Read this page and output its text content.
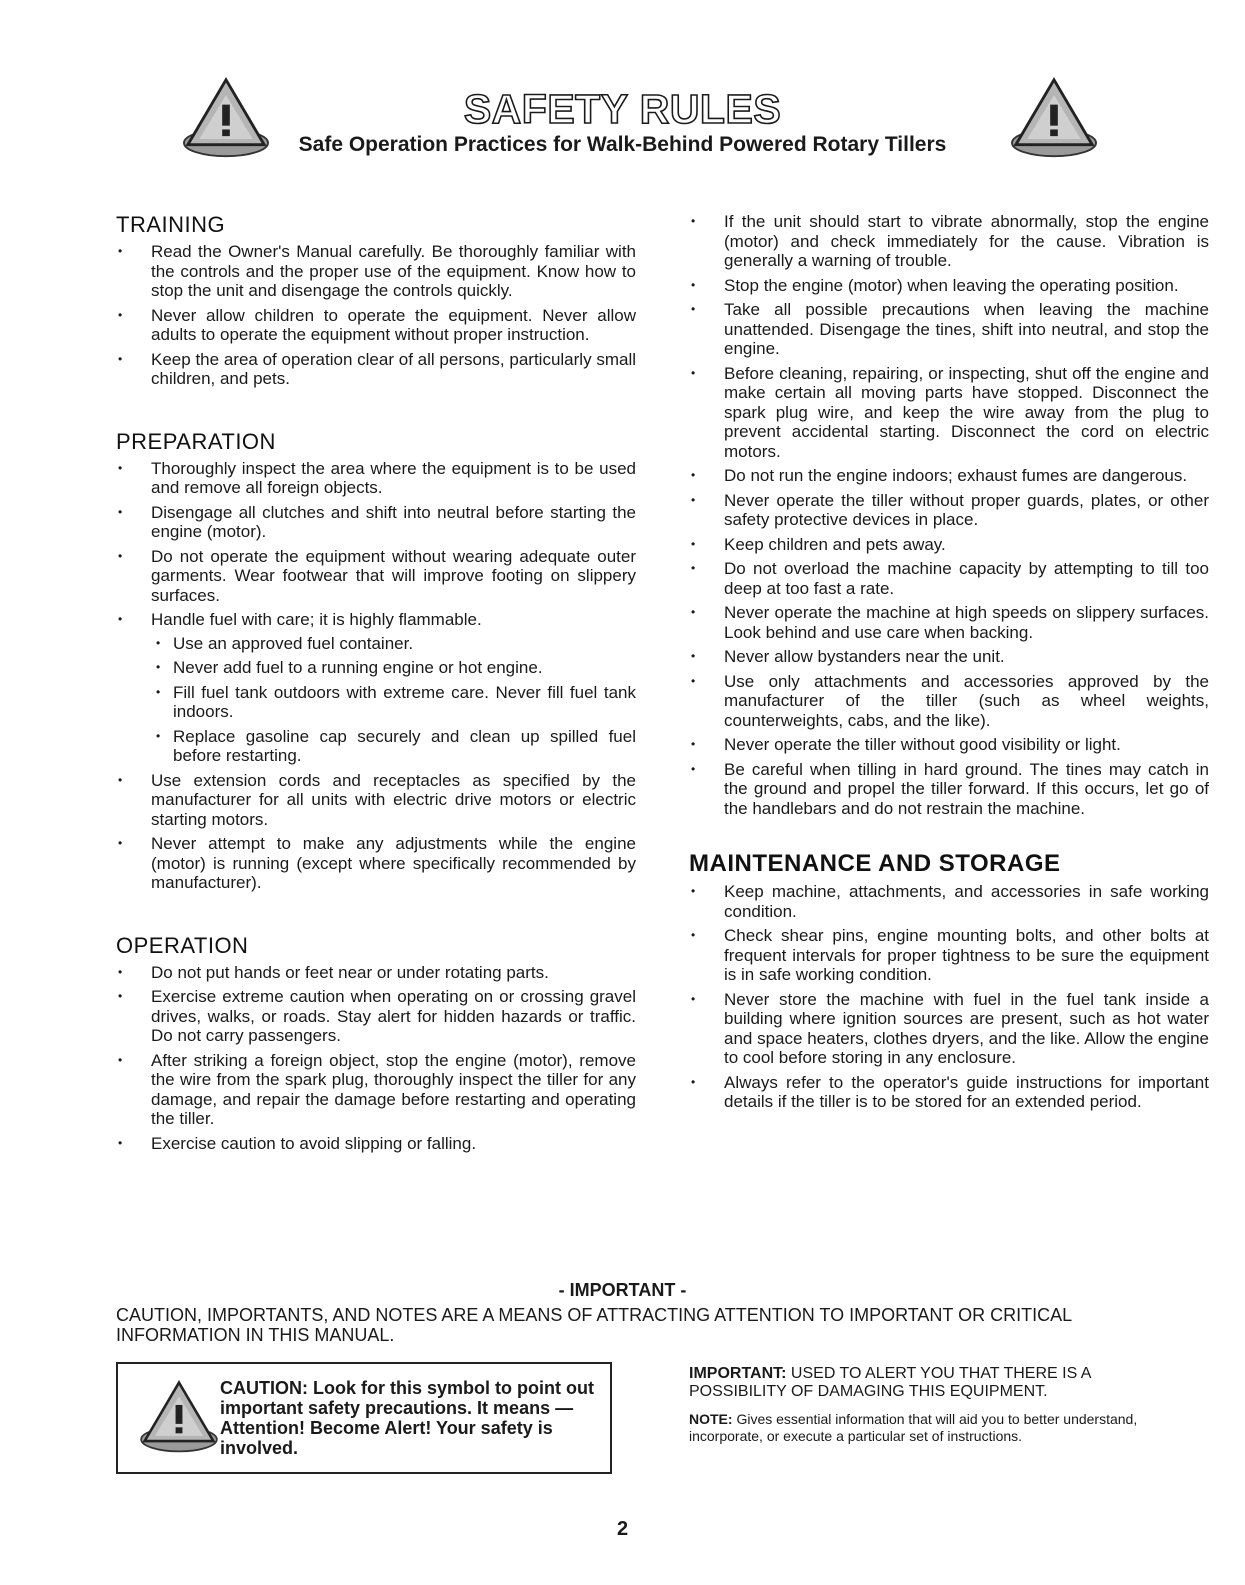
SAFETY RULES
Safe Operation Practices for Walk-Behind Powered Rotary Tillers
TRAINING
• Read the Owner's Manual carefully. Be thoroughly familiar with the controls and the proper use of the equipment. Know how to stop the unit and disengage the controls quickly.
• Never allow children to operate the equipment. Never allow adults to operate the equipment without proper instruction.
• Keep the area of operation clear of all persons, particularly small children, and pets.
PREPARATION
• Thoroughly inspect the area where the equipment is to be used and remove all foreign objects.
• Disengage all clutches and shift into neutral before starting the engine (motor).
• Do not operate the equipment without wearing adequate outer garments. Wear footwear that will improve footing on slippery surfaces.
• Handle fuel with care; it is highly flammable.
• Use an approved fuel container.
• Never add fuel to a running engine or hot engine.
• Fill fuel tank outdoors with extreme care. Never fill fuel tank indoors.
• Replace gasoline cap securely and clean up spilled fuel before restarting.
• Use extension cords and receptacles as specified by the manufacturer for all units with electric drive motors or electric starting motors.
• Never attempt to make any adjustments while the engine (motor) is running (except where specifically recommended by manufacturer).
OPERATION
• Do not put hands or feet near or under rotating parts.
• Exercise extreme caution when operating on or crossing gravel drives, walks, or roads. Stay alert for hidden hazards or traffic. Do not carry passengers.
• After striking a foreign object, stop the engine (motor), remove the wire from the spark plug, thoroughly inspect the tiller for any damage, and repair the damage before restarting and operating the tiller.
• Exercise caution to avoid slipping or falling.
• If the unit should start to vibrate abnormally, stop the engine (motor) and check immediately for the cause. Vibration is generally a warning of trouble.
• Stop the engine (motor) when leaving the operating position.
• Take all possible precautions when leaving the machine unattended. Disengage the tines, shift into neutral, and stop the engine.
• Before cleaning, repairing, or inspecting, shut off the engine and make certain all moving parts have stopped. Disconnect the spark plug wire, and keep the wire away from the plug to prevent accidental starting. Disconnect the cord on electric motors.
• Do not run the engine indoors; exhaust fumes are dangerous.
• Never operate the tiller without proper guards, plates, or other safety protective devices in place.
• Keep children and pets away.
• Do not overload the machine capacity by attempting to till too deep at too fast a rate.
• Never operate the machine at high speeds on slippery surfaces. Look behind and use care when backing.
• Never allow bystanders near the unit.
• Use only attachments and accessories approved by the manufacturer of the tiller (such as wheel weights, counterweights, cabs, and the like).
• Never operate the tiller without good visibility or light.
• Be careful when tilling in hard ground. The tines may catch in the ground and propel the tiller forward. If this occurs, let go of the handlebars and do not restrain the machine.
MAINTENANCE AND STORAGE
• Keep machine, attachments, and accessories in safe working condition.
• Check shear pins, engine mounting bolts, and other bolts at frequent intervals for proper tightness to be sure the equipment is in safe working condition.
• Never store the machine with fuel in the fuel tank inside a building where ignition sources are present, such as hot water and space heaters, clothes dryers, and the like. Allow the engine to cool before storing in any enclosure.
• Always refer to the operator's guide instructions for important details if the tiller is to be stored for an extended period.
- IMPORTANT -
CAUTION, IMPORTANTS, AND NOTES ARE A MEANS OF ATTRACTING ATTENTION TO IMPORTANT OR CRITICAL INFORMATION IN THIS MANUAL.
CAUTION: Look for this symbol to point out important safety precautions. It means —Attention! Become Alert! Your safety is involved.
IMPORTANT: USED TO ALERT YOU THAT THERE IS A POSSIBILITY OF DAMAGING THIS EQUIPMENT.
NOTE: Gives essential information that will aid you to better understand, incorporate, or execute a particular set of instructions.
2
